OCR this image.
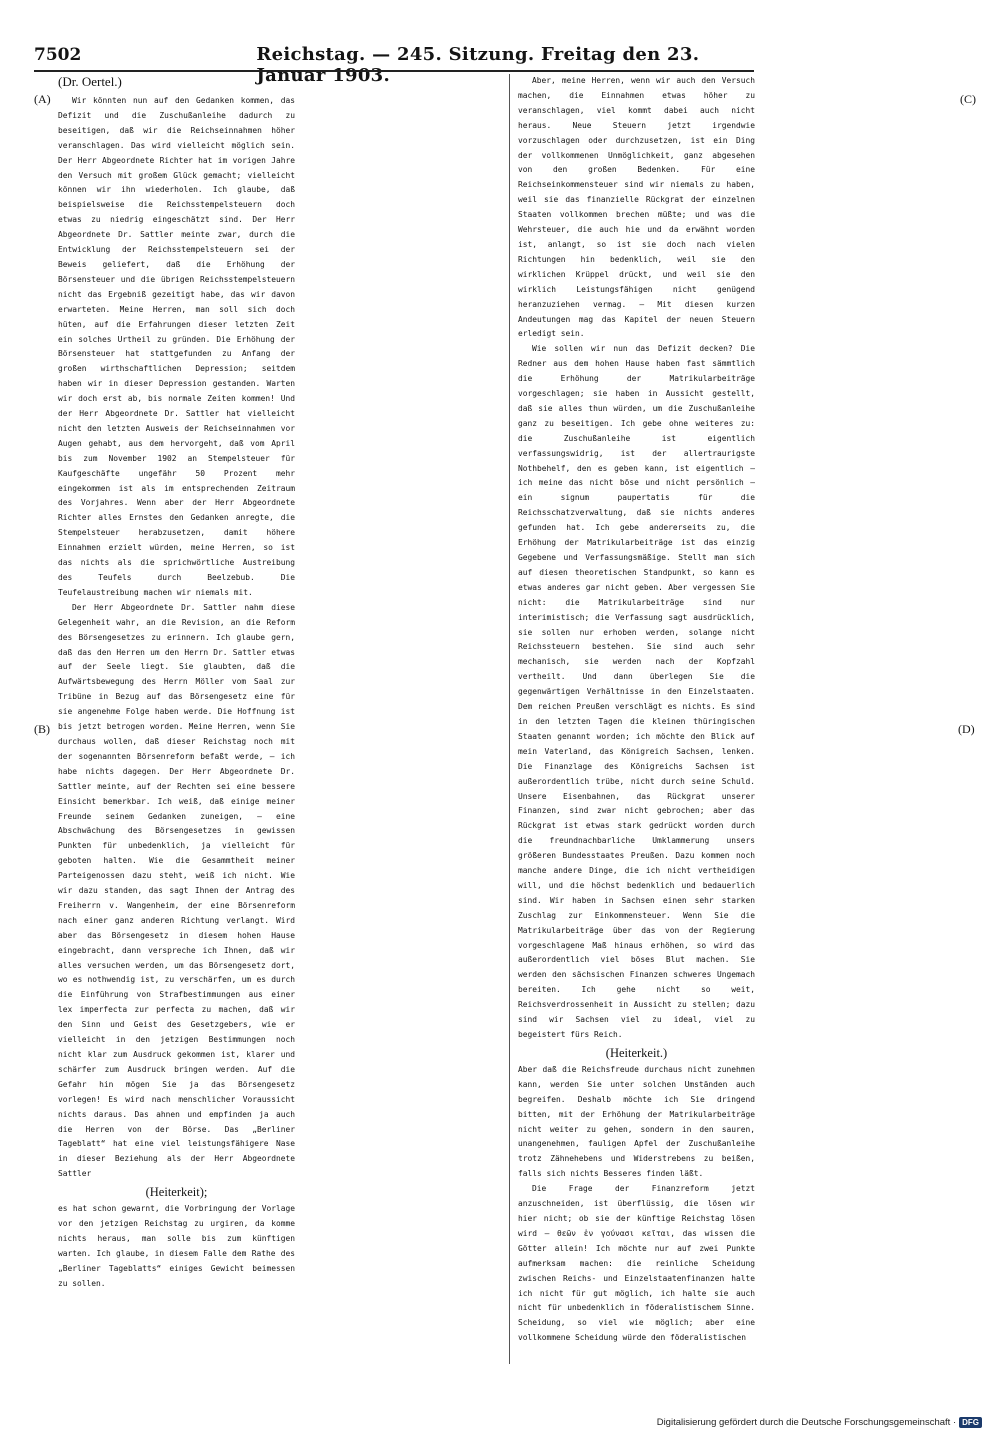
7502	Reichstag. — 245. Sitzung. Freitag den 23. Januar 1903.
(A)
(B)
(C)
(D)

(Dr. Oertel.)

Wir könnten nun auf den Gedanken kommen, das Defizit und die Zuschußanleihe dadurch zu beseitigen, daß wir die Reichseinnahmen höher veranschlagen. Das wird vielleicht möglich sein. Der Herr Abgeordnete Richter hat im vorigen Jahre den Versuch mit großem Glück gemacht; vielleicht können wir ihn wiederholen. Ich glaube, daß beispielsweise die Reichsstempelsteuern doch etwas zu niedrig eingeschätzt sind. Der Herr Abgeordnete Dr. Sattler meinte zwar, durch die Entwicklung der Reichsstempelsteuern sei der Beweis geliefert, daß die Erhöhung der Börsensteuer und die übrigen Reichsstempelsteuern nicht das Ergebniß gezeitigt habe, das wir davon erwarteten. Meine Herren, man soll sich doch hüten, auf die Erfahrungen dieser letzten Zeit ein solches Urtheil zu gründen. Die Erhöhung der Börsensteuer hat stattgefunden zu Anfang der großen wirthschaftlichen Depression; seitdem haben wir in dieser Depression gestanden. Warten wir doch erst ab, bis normale Zeiten kommen! Und der Herr Abgeordnete Dr. Sattler hat vielleicht nicht den letzten Ausweis der Reichseinnahmen vor Augen gehabt, aus dem hervorgeht, daß vom April bis zum November 1902 an Stempelsteuer für Kaufgeschäfte ungefähr 50 Prozent mehr eingekommen ist als im entsprechenden Zeitraum des Vorjahres. Wenn aber der Herr Abgeordnete Richter alles Ernstes den Gedanken anregte, die Stempelsteuer herabzusetzen, damit höhere Einnahmen erzielt würden, meine Herren, so ist das nichts als die sprichwörtliche Austreibung des Teufels durch Beelzebub. Die Teufelaustreibung machen wir niemals mit.

Der Herr Abgeordnete Dr. Sattler nahm diese Gelegenheit wahr, an die Revision, an die Reform des Börsengesetzes zu erinnern. Ich glaube gern, daß das den Herren um den Herrn Dr. Sattler etwas auf der Seele liegt. Sie glaubten, daß die Aufwärtsbewegung des Herrn Möller vom Saal zur Tribüne in Bezug auf das Börsengesetz eine für sie angenehme Folge haben werde. Die Hoffnung ist bis jetzt betrogen worden. Meine Herren, wenn Sie durchaus wollen, daß dieser Reichstag noch mit der sogenannten Börsenreform befaßt werde, — ich habe nichts dagegen. Der Herr Abgeordnete Dr. Sattler meinte, auf der Rechten sei eine bessere Einsicht bemerkbar. Ich weiß, daß einige meiner Freunde seinem Gedanken zuneigen, — eine Abschwächung des Börsengesetzes in gewissen Punkten für unbedenklich, ja vielleicht für geboten halten. Wie die Gesammtheit meiner Parteigenossen dazu steht, weiß ich nicht. Wie wir dazu standen, das sagt Ihnen der Antrag des Freiherrn v. Wangenheim, der eine Börsenreform nach einer ganz anderen Richtung verlangt. Wird aber das Börsengesetz in diesem hohen Hause eingebracht, dann verspreche ich Ihnen, daß wir alles versuchen werden, um das Börsengesetz dort, wo es nothwendig ist, zu verschärfen, um es durch die Einführung von Strafbestimmungen aus einer lex imperfecta zur perfecta zu machen, daß wir den Sinn und Geist des Gesetzgebers, wie er vielleicht in den jetzigen Bestimmungen noch nicht klar zum Ausdruck gekommen ist, klarer und schärfer zum Ausdruck bringen werden. Auf die Gefahr hin mögen Sie ja das Börsengesetz vorlegen! Es wird nach menschlicher Voraussicht nichts daraus. Das ahnen und empfinden ja auch die Herren von der Börse. Das „Berliner Tageblatt“ hat eine viel leistungsfähigere Nase in dieser Beziehung als der Herr Abgeordnete Sattler

(Heiterkeit);

es hat schon gewarnt, die Vorbringung der Vorlage vor den jetzigen Reichstag zu urgiren, da komme nichts heraus, man solle bis zum künftigen warten. Ich glaube, in diesem Falle dem Rathe des „Berliner Tageblatts“ einiges Gewicht beimessen zu sollen.

Aber, meine Herren, wenn wir auch den Versuch machen, die Einnahmen etwas höher zu veranschlagen, viel kommt dabei auch nicht heraus. Neue Steuern jetzt irgendwie vorzuschlagen oder durchzusetzen, ist ein Ding der vollkommenen Unmöglichkeit, ganz abgesehen von den großen Bedenken. Für eine Reichseinkommensteuer sind wir niemals zu haben, weil sie das finanzielle Rückgrat der einzelnen Staaten vollkommen brechen müßte; und was die Wehrsteuer, die auch hie und da erwähnt worden ist, anlangt, so ist sie doch nach vielen Richtungen hin bedenklich, weil sie den wirklichen Krüppel drückt, und weil sie den wirklich Leistungsfähigen nicht genügend heranzuziehen vermag. — Mit diesen kurzen Andeutungen mag das Kapitel der neuen Steuern erledigt sein.

Wie sollen wir nun das Defizit decken? Die Redner aus dem hohen Hause haben fast sämmtlich die Erhöhung der Matrikularbeiträge vorgeschlagen; sie haben in Aussicht gestellt, daß sie alles thun würden, um die Zuschußanleihe ganz zu beseitigen. Ich gebe ohne weiteres zu: die Zuschußanleihe ist eigentlich verfassungswidrig, ist der allertraurigste Nothbehelf, den es geben kann, ist eigentlich — ich meine das nicht böse und nicht persönlich — ein signum paupertatis für die Reichsschatzverwaltung, daß sie nichts anderes gefunden hat. Ich gebe andererseits zu, die Erhöhung der Matrikularbeiträge ist das einzig Gegebene und Verfassungsmäßige. Stellt man sich auf diesen theoretischen Standpunkt, so kann es etwas anderes gar nicht geben. Aber vergessen Sie nicht: die Matrikularbeiträge sind nur interimistisch; die Verfassung sagt ausdrücklich, sie sollen nur erhoben werden, solange nicht Reichssteuern bestehen. Sie sind auch sehr mechanisch, sie werden nach der Kopfzahl vertheilt. Und dann überlegen Sie die gegenwärtigen Verhältnisse in den Einzelstaaten. Dem reichen Preußen verschlägt es nichts. Es sind in den letzten Tagen die kleinen thüringischen Staaten genannt worden; ich möchte den Blick auf mein Vaterland, das Königreich Sachsen, lenken. Die Finanzlage des Königreichs Sachsen ist außerordentlich trübe, nicht durch seine Schuld. Unsere Eisenbahnen, das Rückgrat unserer Finanzen, sind zwar nicht gebrochen; aber das Rückgrat ist etwas stark gedrückt worden durch die freundnachbarliche Umklammerung unsers größeren Bundesstaates Preußen. Dazu kommen noch manche andere Dinge, die ich nicht vertheidigen will, und die höchst bedenklich und bedauerlich sind. Wir haben in Sachsen einen sehr starken Zuschlag zur Einkommensteuer. Wenn Sie die Matrikularbeiträge über das von der Regierung vorgeschlagene Maß hinaus erhöhen, so wird das außerordentlich viel böses Blut machen. Sie werden den sächsischen Finanzen schweres Ungemach bereiten. Ich gehe nicht so weit, Reichsverdrossenheit in Aussicht zu stellen; dazu sind wir Sachsen viel zu ideal, viel zu begeistert fürs Reich.

(Heiterkeit.)

Aber daß die Reichsfreude durchaus nicht zunehmen kann, werden Sie unter solchen Umständen auch begreifen. Deshalb möchte ich Sie dringend bitten, mit der Erhöhung der Matrikularbeiträge nicht weiter zu gehen, sondern in den sauren, unangenehmen, fauligen Apfel der Zuschußanleihe trotz Zähnehebens und Widerstrebens zu beißen, falls sich nichts Besseres finden läßt.

Die Frage der Finanzreform jetzt anzuschneiden, ist überflüssig, die lösen wir hier nicht; ob sie der künftige Reichstag lösen wird — θεῶν ἐν γούνασι κεῖται, das wissen die Götter allein! Ich möchte nur auf zwei Punkte aufmerksam machen: die reinliche Scheidung zwischen Reichs- und Einzelstaatenfinanzen halte ich nicht für gut möglich, ich halte sie auch nicht für unbedenklich in föderalistischem Sinne. Scheidung, so viel wie möglich; aber eine vollkommene Scheidung würde den föderalistischen

Digitalisierung gefördert durch die Deutsche Forschungsgemeinschaft · DFG
